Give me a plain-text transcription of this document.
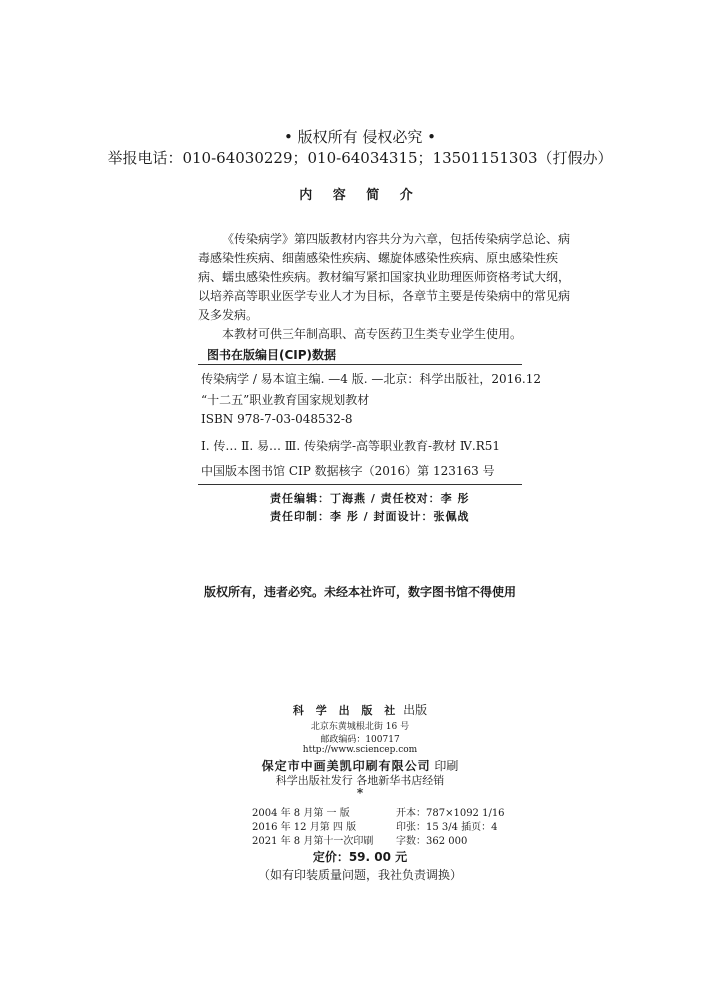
• 版权所有 侵权必究 •
举报电话：010-64030229；010-64034315；13501151303（打假办）
内 容 简 介

《传染病学》第四版教材内容共分为六章，包括传染病学总论、病毒感染性疾病、细菌感染性疾病、螺旋体感染性疾病、原虫感染性疾病、蠕虫感染性疾病。教材编写紧扣国家执业助理医师资格考试大纲，以培养高等职业医学专业人才为目标，各章节主要是传染病中的常见病及多发病。

本教材可供三年制高职、高专医药卫生类专业学生使用。

图书在版编目(CIP)数据
传染病学 / 易本谊主编. —4 版. —北京：科学出版社，2016.12
“十二五”职业教育国家规划教材
ISBN 978-7-03-048532-8
Ⅰ. 传… Ⅱ. 易… Ⅲ. 传染病学-高等职业教育-教材 Ⅳ.R51
中国版本图书馆 CIP 数据核字（2016）第 123163 号
责任编辑：丁海燕 / 责任校对：李 彤
责任印制：李 彤 / 封面设计：张佩战
版权所有，违者必究。未经本社许可，数字图书馆不得使用
科 学 出 版 社 出版
北京东黄城根北街 16 号
邮政编码：100717
http://www.sciencep.com
保定市中画美凯印刷有限公司 印刷
科学出版社发行 各地新华书店经销
*
2004 年 8 月第 一 版	开本：787×1092 1/16
2016 年 12 月第 四 版	印张：15 3/4 插页：4
2021 年 8 月第十一次印刷 字数：362 000
定价：59. 00 元
（如有印装质量问题，我社负责调换）
